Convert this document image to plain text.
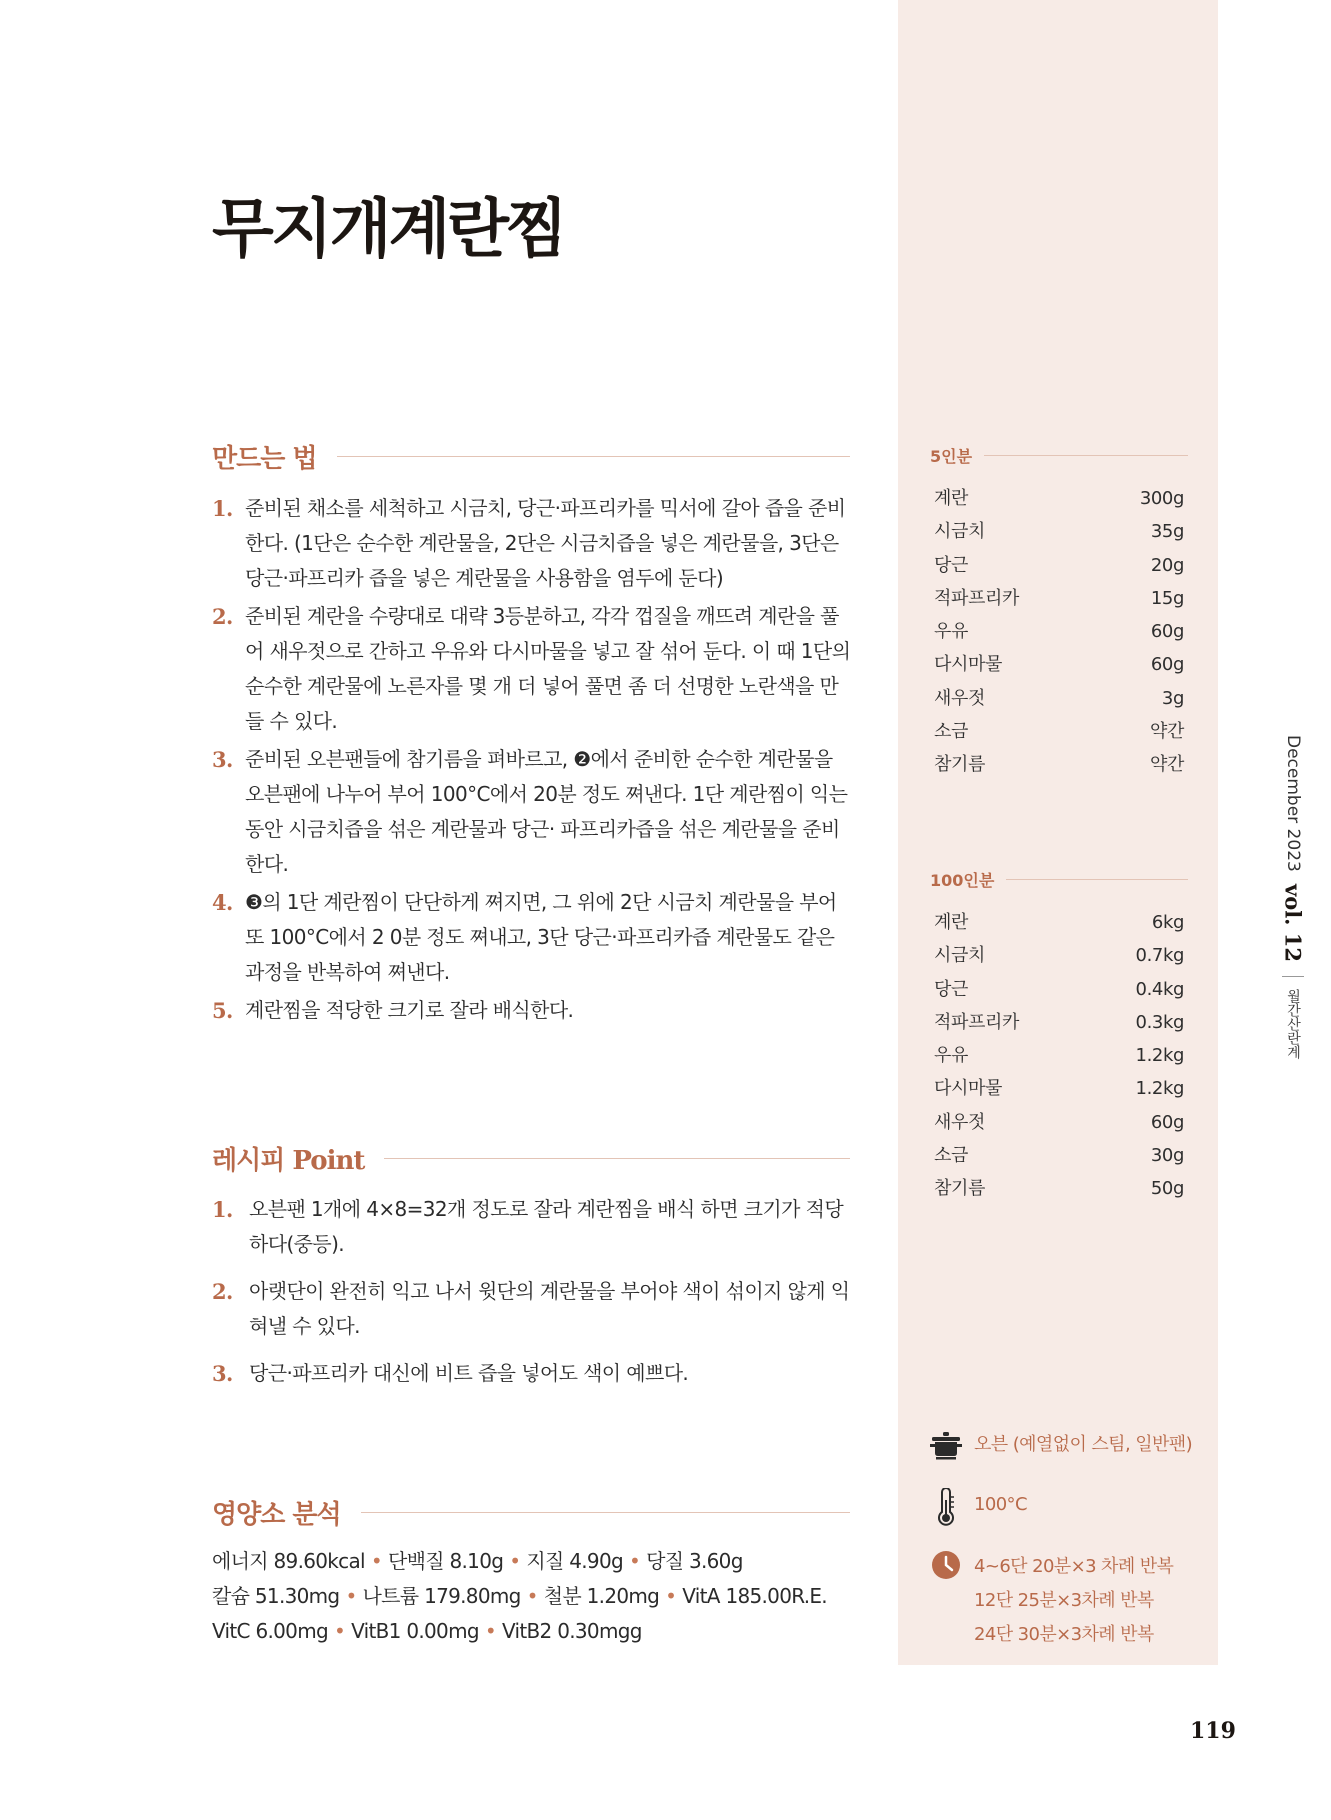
무지개계란찜
만드는 법
1. 준비된 채소를 세척하고 시금치, 당근·파프리카를 믹서에 갈아 즙을 준비한다. (1단은 순수한 계란물을, 2단은 시금치즙을 넣은 계란물을, 3단은 당근·파프리카 즙을 넣은 계란물을 사용함을 염두에 둔다)
2. 준비된 계란을 수량대로 대략 3등분하고, 각각 껍질을 깨뜨려 계란을 풀어 새우젓으로 간하고 우유와 다시마물을 넣고 잘 섞어 둔다. 이 때 1단의 순수한 계란물에 노른자를 몇 개 더 넣어 풀면 좀 더 선명한 노란색을 만들 수 있다.
3. 준비된 오븐팬들에 참기름을 펴바르고, ❷에서 준비한 순수한 계란물을 오븐팬에 나누어 부어 100°C에서 20분 정도 쪄낸다. 1단 계란찜이 익는 동안 시금치즙을 섞은 계란물과 당근· 파프리카즙을 섞은 계란물을 준비한다.
4. ❸의 1단 계란찜이 단단하게 쪄지면, 그 위에 2단 시금치 계란물을 부어 또 100°C에서 2 0분 정도 쪄내고, 3단 당근·파프리카즙 계란물도 같은 과정을 반복하여 쪄낸다.
5. 계란찜을 적당한 크기로 잘라 배식한다.
레시피 Point
1. 오븐팬 1개에 4×8=32개 정도로 잘라 계란찜을 배식 하면 크기가 적당하다(중등).
2. 아랫단이 완전히 익고 나서 윗단의 계란물을 부어야 색이 섞이지 않게 익혀낼 수 있다.
3. 당근·파프리카 대신에 비트 즙을 넣어도 색이 예쁘다.
영양소 분석
에너지 89.60kcal • 단백질 8.10g • 지질 4.90g • 당질 3.60g
칼슘 51.30mg • 나트륨 179.80mg • 철분 1.20mg • VitA 185.00R.E.
VitC 6.00mg • VitB1 0.00mg • VitB2 0.30mgg
5인분
계란	300g
시금치	35g
당근	20g
적파프리카	15g
우유	60g
다시마물	60g
새우젓	3g
소금	약간
참기름	약간
100인분
계란	6kg
시금치	0.7kg
당근	0.4kg
적파프리카	0.3kg
우유	1.2kg
다시마물	1.2kg
새우젓	60g
소금	30g
참기름	50g
오븐 (예열없이 스팀, 일반팬)
100°C
4~6단 20분×3 차례 반복
12단 25분×3차례 반복
24단 30분×3차례 반복
December 2023
vol. 12
월간산란계
119
